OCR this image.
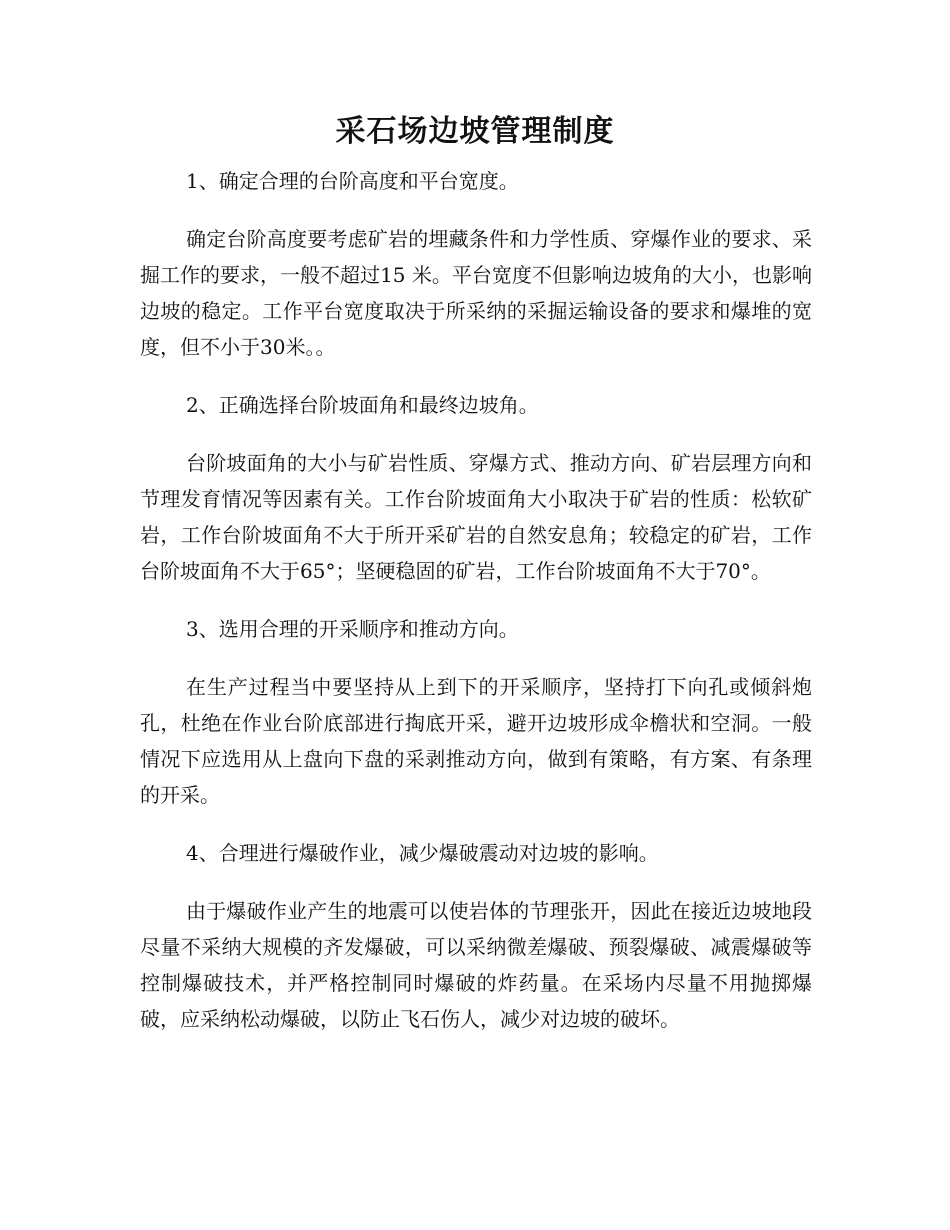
采石场边坡管理制度

1、确定合理的台阶高度和平台宽度。

确定台阶高度要考虑矿岩的埋藏条件和力学性质、穿爆作业的要求、采掘工作的要求，一般不超过15 米。平台宽度不但影响边坡角的大小，也影响边坡的稳定。工作平台宽度取决于所采纳的采掘运输设备的要求和爆堆的宽度，但不小于30米。。

2、正确选择台阶坡面角和最终边坡角。

台阶坡面角的大小与矿岩性质、穿爆方式、推动方向、矿岩层理方向和节理发育情况等因素有关。工作台阶坡面角大小取决于矿岩的性质：松软矿岩，工作台阶坡面角不大于所开采矿岩的自然安息角；较稳定的矿岩，工作台阶坡面角不大于65°；坚硬稳固的矿岩，工作台阶坡面角不大于70°。

3、选用合理的开采顺序和推动方向。

在生产过程当中要坚持从上到下的开采顺序，坚持打下向孔或倾斜炮孔，杜绝在作业台阶底部进行掏底开采，避开边坡形成伞檐状和空洞。一般情况下应选用从上盘向下盘的采剥推动方向，做到有策略，有方案、有条理的开采。

4、合理进行爆破作业，减少爆破震动对边坡的影响。

由于爆破作业产生的地震可以使岩体的节理张开，因此在接近边坡地段尽量不采纳大规模的齐发爆破，可以采纳微差爆破、预裂爆破、减震爆破等控制爆破技术，并严格控制同时爆破的炸药量。在采场内尽量不用抛掷爆破，应采纳松动爆破，以防止飞石伤人，减少对边坡的破坏。
